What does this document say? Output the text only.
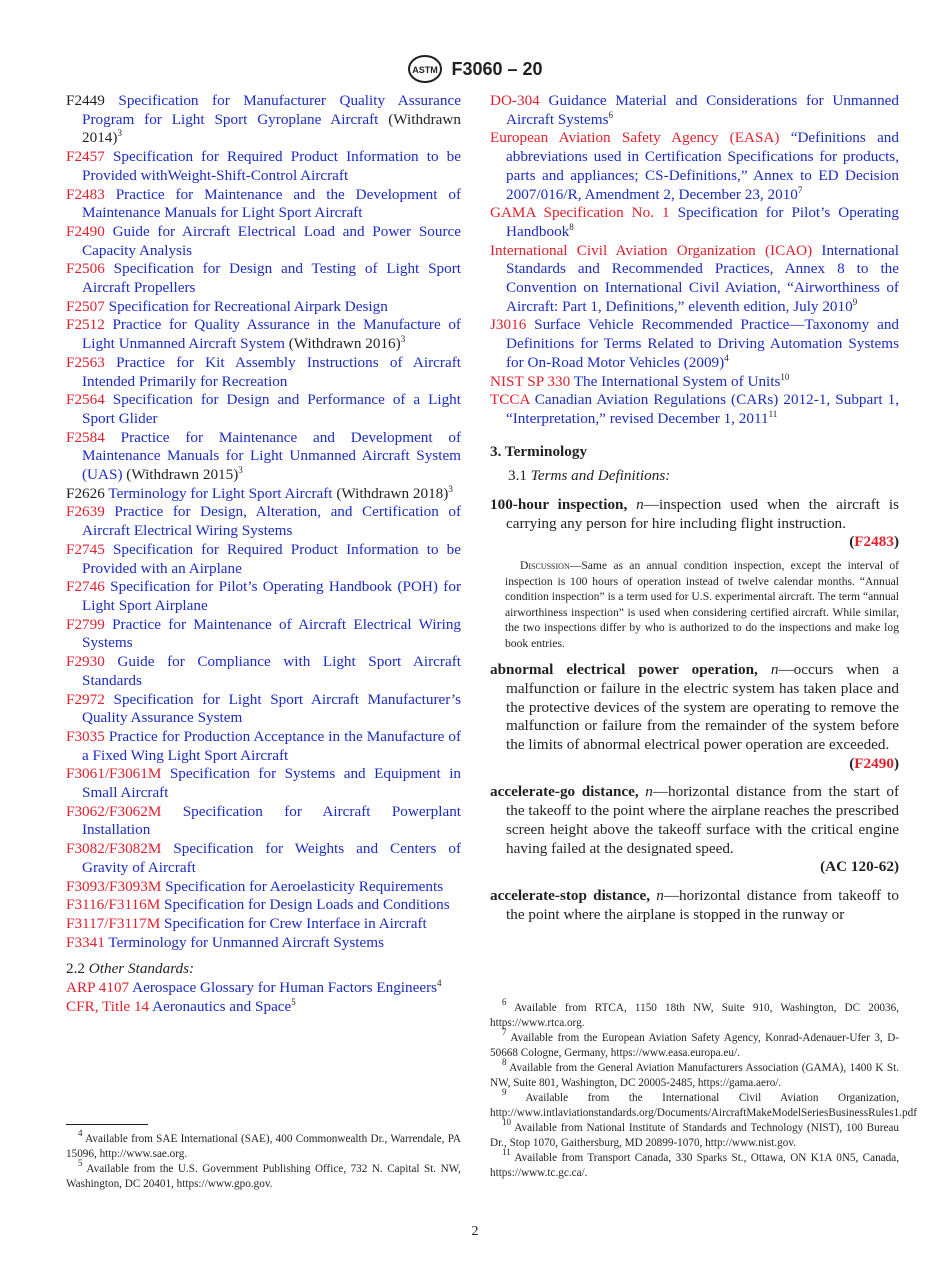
ASTM F3060 – 20

F2449 Specification for Manufacturer Quality Assurance Program for Light Sport Gyroplane Aircraft (Withdrawn 2014)$^3$

F2457 Specification for Required Product Information to be Provided withWeight-Shift-Control Aircraft

F2483 Practice for Maintenance and the Development of Maintenance Manuals for Light Sport Aircraft

F2490 Guide for Aircraft Electrical Load and Power Source Capacity Analysis

F2506 Specification for Design and Testing of Light Sport Aircraft Propellers

F2507 Specification for Recreational Airpark Design

F2512 Practice for Quality Assurance in the Manufacture of Light Unmanned Aircraft System (Withdrawn 2016)$^3$

F2563 Practice for Kit Assembly Instructions of Aircraft Intended Primarily for Recreation

F2564 Specification for Design and Performance of a Light Sport Glider

F2584 Practice for Maintenance and Development of Maintenance Manuals for Light Unmanned Aircraft System (UAS) (Withdrawn 2015)$^3$

F2626 Terminology for Light Sport Aircraft (Withdrawn 2018)$^3$

F2639 Practice for Design, Alteration, and Certification of Aircraft Electrical Wiring Systems

F2745 Specification for Required Product Information to be Provided with an Airplane

F2746 Specification for Pilot’s Operating Handbook (POH) for Light Sport Airplane

F2799 Practice for Maintenance of Aircraft Electrical Wiring Systems

F2930 Guide for Compliance with Light Sport Aircraft Standards

F2972 Specification for Light Sport Aircraft Manufacturer’s Quality Assurance System

F3035 Practice for Production Acceptance in the Manufacture of a Fixed Wing Light Sport Aircraft

F3061/F3061M Specification for Systems and Equipment in Small Aircraft

F3062/F3062M Specification for Aircraft Powerplant Installation

F3082/F3082M Specification for Weights and Centers of Gravity of Aircraft

F3093/F3093M Specification for Aeroelasticity Requirements

F3116/F3116M Specification for Design Loads and Conditions

F3117/F3117M Specification for Crew Interface in Aircraft

F3341 Terminology for Unmanned Aircraft Systems

2.2 Other Standards:

ARP 4107 Aerospace Glossary for Human Factors Engineers$^4$

CFR, Title 14 Aeronautics and Space$^5$

DO-304 Guidance Material and Considerations for Unmanned Aircraft Systems$^6$

European Aviation Safety Agency (EASA) “Definitions and abbreviations used in Certification Specifications for products, parts and appliances; CS-Definitions,” Annex to ED Decision 2007/016/R, Amendment 2, December 23, 2010$^7$

GAMA Specification No. 1 Specification for Pilot’s Operating Handbook$^8$

International Civil Aviation Organization (ICAO) International Standards and Recommended Practices, Annex 8 to the Convention on International Civil Aviation, “Airworthiness of Aircraft: Part 1, Definitions,” eleventh edition, July 2010$^9$

J3016 Surface Vehicle Recommended Practice—Taxonomy and Definitions for Terms Related to Driving Automation Systems for On-Road Motor Vehicles $(2009)^4$

NIST SP 330 The International System of Units$^{10}$

TCCA Canadian Aviation Regulations (CARs) 2012-1, Subpart 1, “Interpretation,” revised December 1, 2011$^{11}$

3. Terminology

3.1 Terms and Definitions:

100-hour inspection, n—inspection used when the aircraft is carrying any person for hire including flight instruction.

(F2483)

Discussion—Same as an annual condition inspection, except the interval of inspection is 100 hours of operation instead of twelve calendar months. “Annual condition inspection” is a term used for U.S. experimental aircraft. The term “annual airworthiness inspection” is used when considering certified aircraft. While similar, the two inspections differ by who is authorized to do the inspections and make log book entries.

abnormal electrical power operation, n—occurs when a malfunction or failure in the electric system has taken place and the protective devices of the system are operating to remove the malfunction or failure from the remainder of the system before the limits of abnormal electrical power operation are exceeded.

(F2490)

accelerate-go distance, n—horizontal distance from the start of the takeoff to the point where the airplane reaches the prescribed screen height above the takeoff surface with the critical engine having failed at the designated speed.

(AC 120-62)

accelerate-stop distance, n—horizontal distance from takeoff to the point where the airplane is stopped in the runway or

$^4$ Available from SAE International (SAE), 400 Commonwealth Dr., Warrendale, PA 15096, http://www.sae.org.

$^5$ Available from the U.S. Government Publishing Office, 732 N. Capital St. NW, Washington, DC 20401, https://www.gpo.gov.

$^6$ Available from RTCA, 1150 18th NW, Suite 910, Washington, DC 20036, https://www.rtca.org.

$^7$ Available from the European Aviation Safety Agency, Konrad-Adenauer-Ufer 3, D-50668 Cologne, Germany, https://www.easa.europa.eu/.

$^8$ Available from the General Aviation Manufacturers Association (GAMA), 1400 K St. NW, Suite 801, Washington, DC 20005-2485, https://gama.aero/.

$^9$ Available from the International Civil Aviation Organization, http://www.intlaviationstandards.org/Documents/AircraftMakeModelSeriesBusinessRules1.pdf

$^{10}$ Available from National Institute of Standards and Technology (NIST), 100 Bureau Dr., Stop 1070, Gaithersburg, MD 20899-1070, http://www.nist.gov.

$^{11}$ Available from Transport Canada, 330 Sparks St., Ottawa, ON K1A 0N5, Canada, https://www.tc.gc.ca/.

2
